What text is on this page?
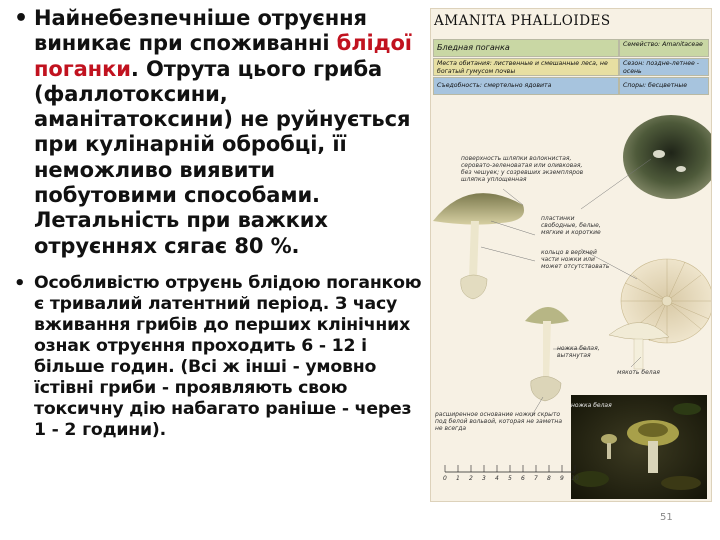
• Найнебезпечніше отруєння виникає при споживанні блідої поганки. Отрута цього гриба (фаллотоксини, аманітатоксини) не руйнується при кулінарній обробці, її неможливо виявити побутовими способами. Летальність при важких отруєннях сягає 80 %.
• Особливістю отруєнь блідою поганкою є тривалий латентний період. З часу вживання грибів до перших клінічних ознак отруєння проходить 6 - 12 і більше годин. (Всі ж інші - умовно їстівні гриби - проявляють свою токсичну дію набагато раніше - через 1 - 2 години).
AMANITA PHALLOIDES
Бледная поганка	Семейство: Amanitaceae
Места обитания: лиственные и смешанные леса, не богатый гумусом почвы
Сезон: поздне-летнее - осень
Съедобность: смертельно ядовита	Споры: бесцветные
поверхность шляпки волокнистая, серовато-зеленоватая или оливковая, без чешуек; у созревших экземпляров шляпка уплощенная
пластинки свободные, белые, мягкие и короткие
кольцо в верхней части ножки или может отсутствовать
ножка белая, вытянутая
мякоть белая
расширенное основание ножки скрыто под белой вольвой, которая не заметна не всегда
ножка белая
0 1 2 3 4 5 6 7 8 9 10
51
